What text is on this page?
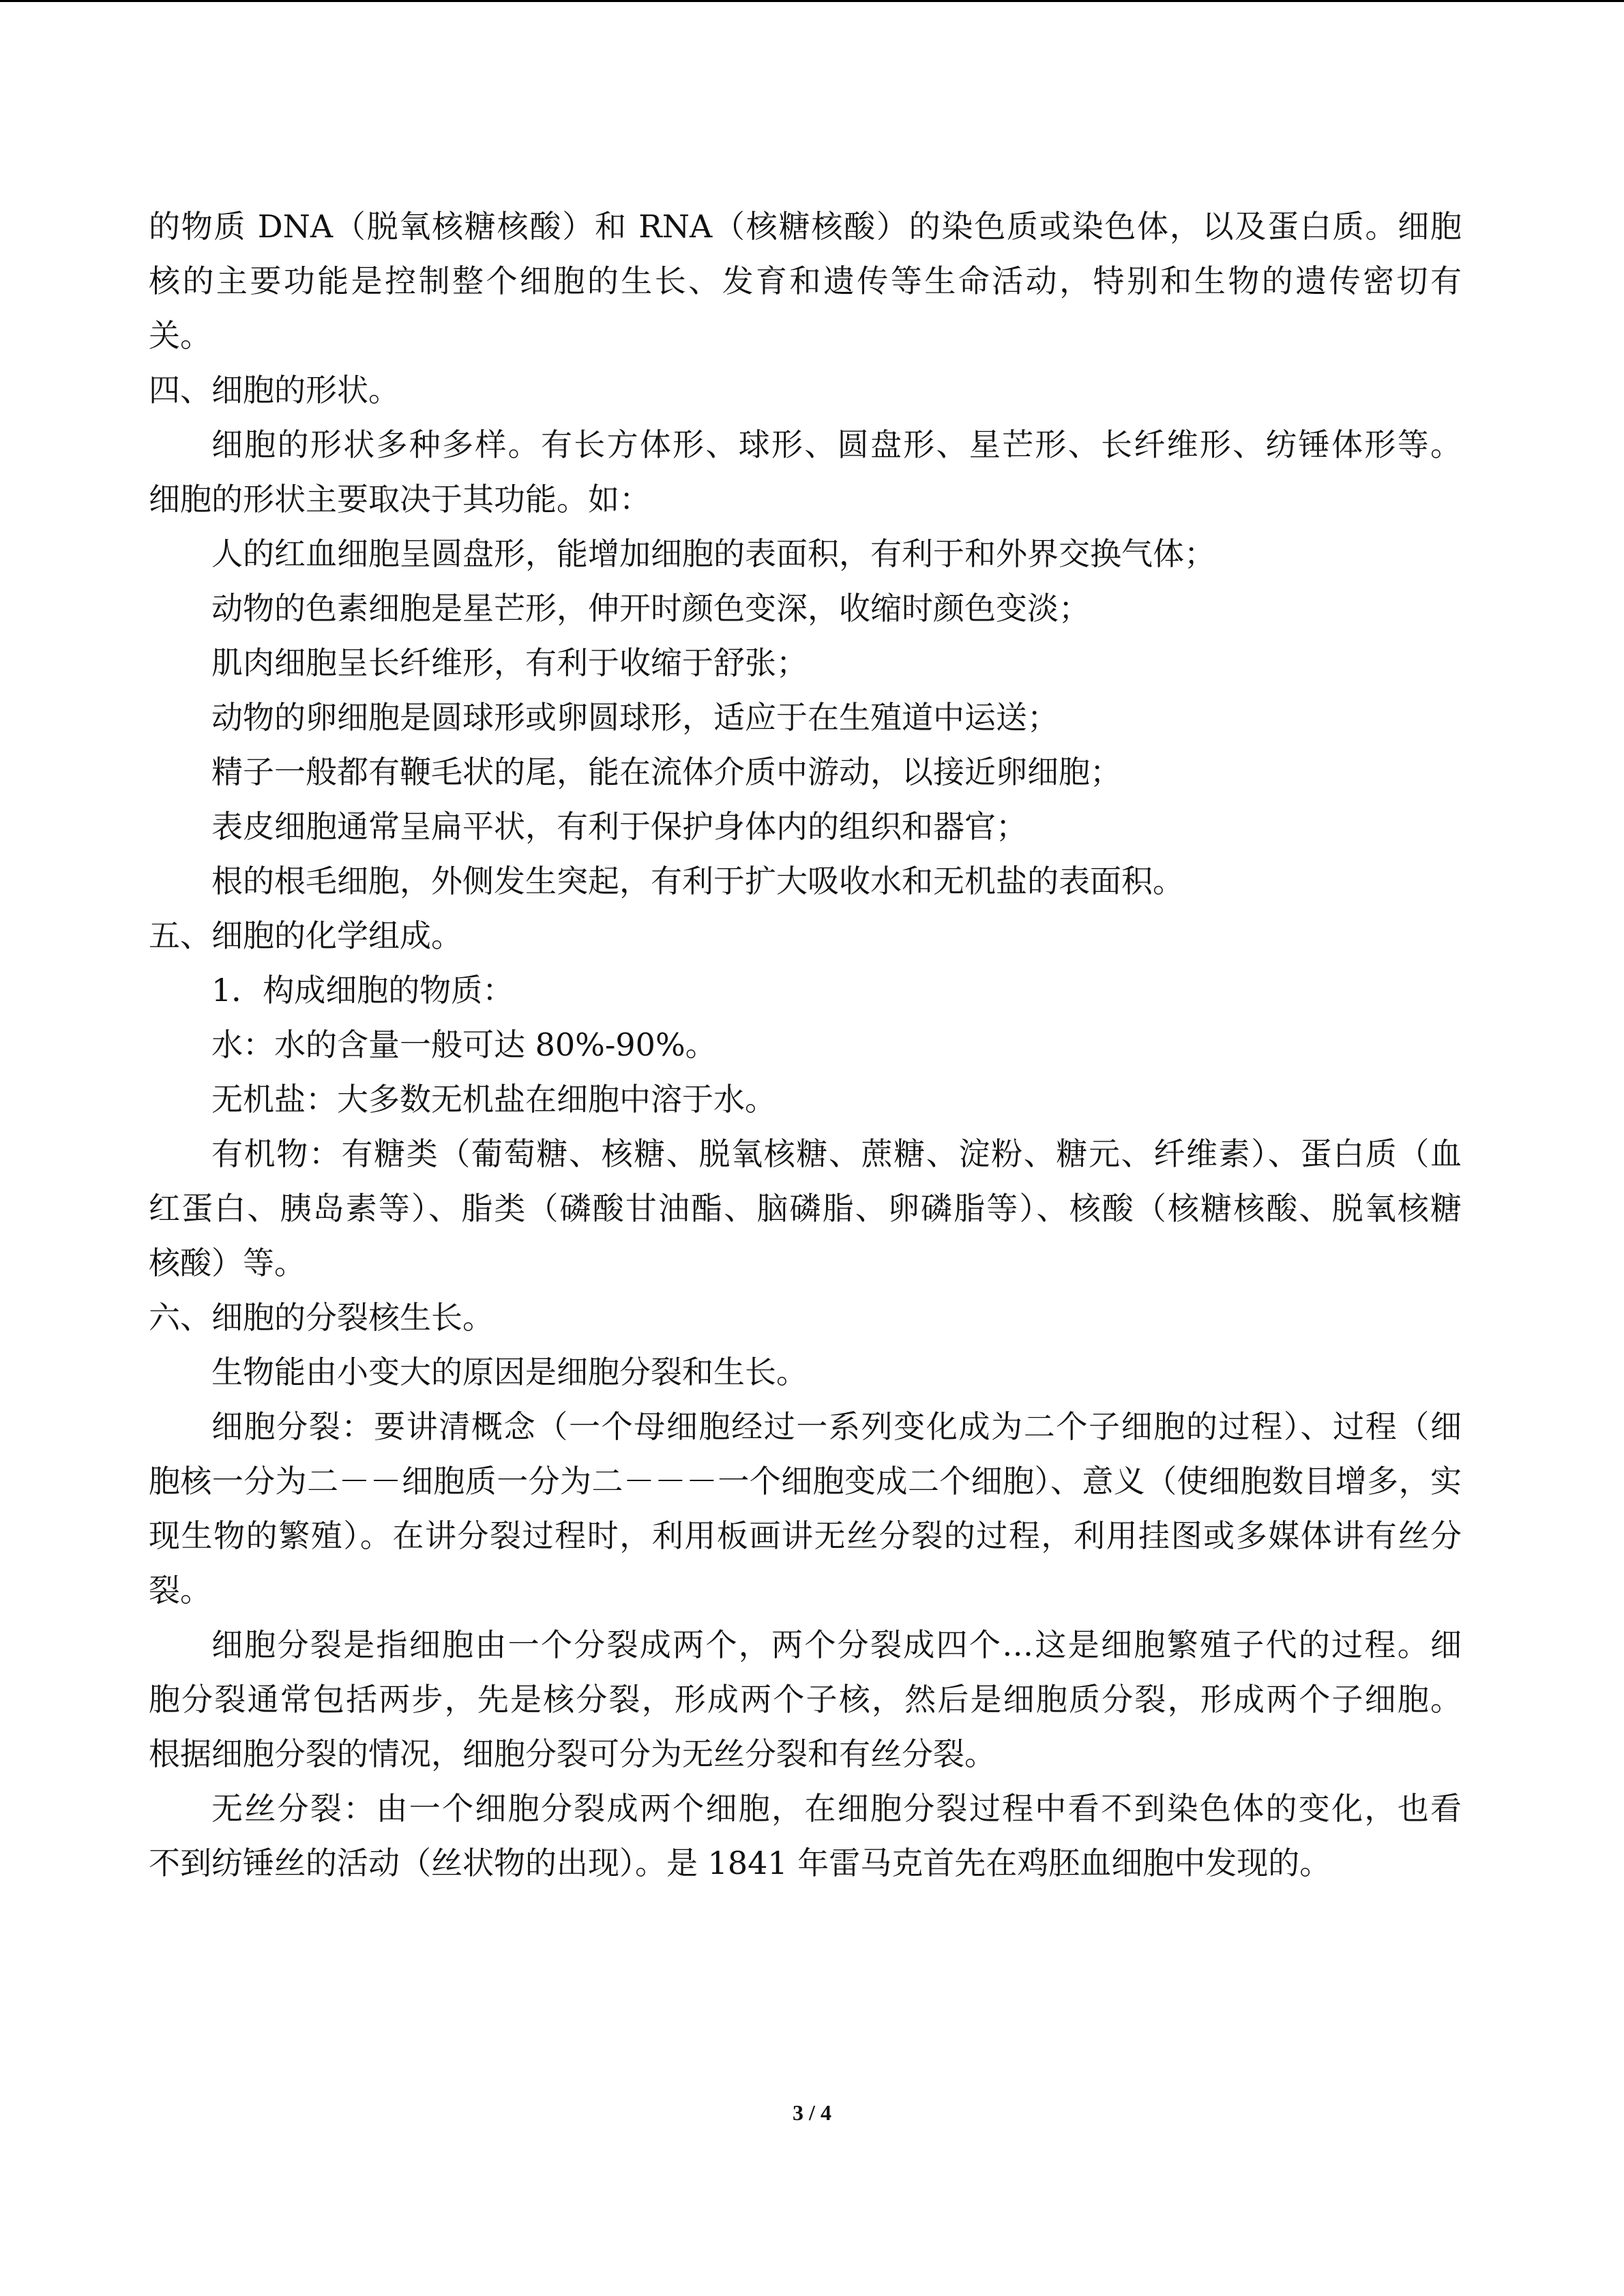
的物质 DNA（脱氧核糖核酸）和 RNA（核糖核酸）的染色质或染色体，以及蛋白质。细胞
核的主要功能是控制整个细胞的生长、发育和遗传等生命活动，特别和生物的遗传密切有
关。
四、细胞的形状。
细胞的形状多种多样。有长方体形、球形、圆盘形、星芒形、长纤维形、纺锤体形等。
细胞的形状主要取决于其功能。如：
人的红血细胞呈圆盘形，能增加细胞的表面积，有利于和外界交换气体；
动物的色素细胞是星芒形，伸开时颜色变深，收缩时颜色变淡；
肌肉细胞呈长纤维形，有利于收缩于舒张；
动物的卵细胞是圆球形或卵圆球形，适应于在生殖道中运送；
精子一般都有鞭毛状的尾，能在流体介质中游动，以接近卵细胞；
表皮细胞通常呈扁平状，有利于保护身体内的组织和器官；
根的根毛细胞，外侧发生突起，有利于扩大吸收水和无机盐的表面积。
五、细胞的化学组成。
1．构成细胞的物质：
水：水的含量一般可达 80%-90%。
无机盐：大多数无机盐在细胞中溶于水。
有机物：有糖类（葡萄糖、核糖、脱氧核糖、蔗糖、淀粉、糖元、纤维素）、蛋白质（血
红蛋白、胰岛素等）、脂类（磷酸甘油酯、脑磷脂、卵磷脂等）、核酸（核糖核酸、脱氧核糖
核酸）等。
六、细胞的分裂核生长。
生物能由小变大的原因是细胞分裂和生长。
细胞分裂：要讲清概念（一个母细胞经过一系列变化成为二个子细胞的过程）、过程（细
胞核一分为二－－细胞质一分为二－－－一个细胞变成二个细胞）、意义（使细胞数目增多，实
现生物的繁殖）。在讲分裂过程时，利用板画讲无丝分裂的过程，利用挂图或多媒体讲有丝分
裂。
细胞分裂是指细胞由一个分裂成两个，两个分裂成四个…这是细胞繁殖子代的过程。细
胞分裂通常包括两步，先是核分裂，形成两个子核，然后是细胞质分裂，形成两个子细胞。
根据细胞分裂的情况，细胞分裂可分为无丝分裂和有丝分裂。
无丝分裂：由一个细胞分裂成两个细胞，在细胞分裂过程中看不到染色体的变化，也看
不到纺锤丝的活动（丝状物的出现）。是 1841 年雷马克首先在鸡胚血细胞中发现的。
3 / 4
